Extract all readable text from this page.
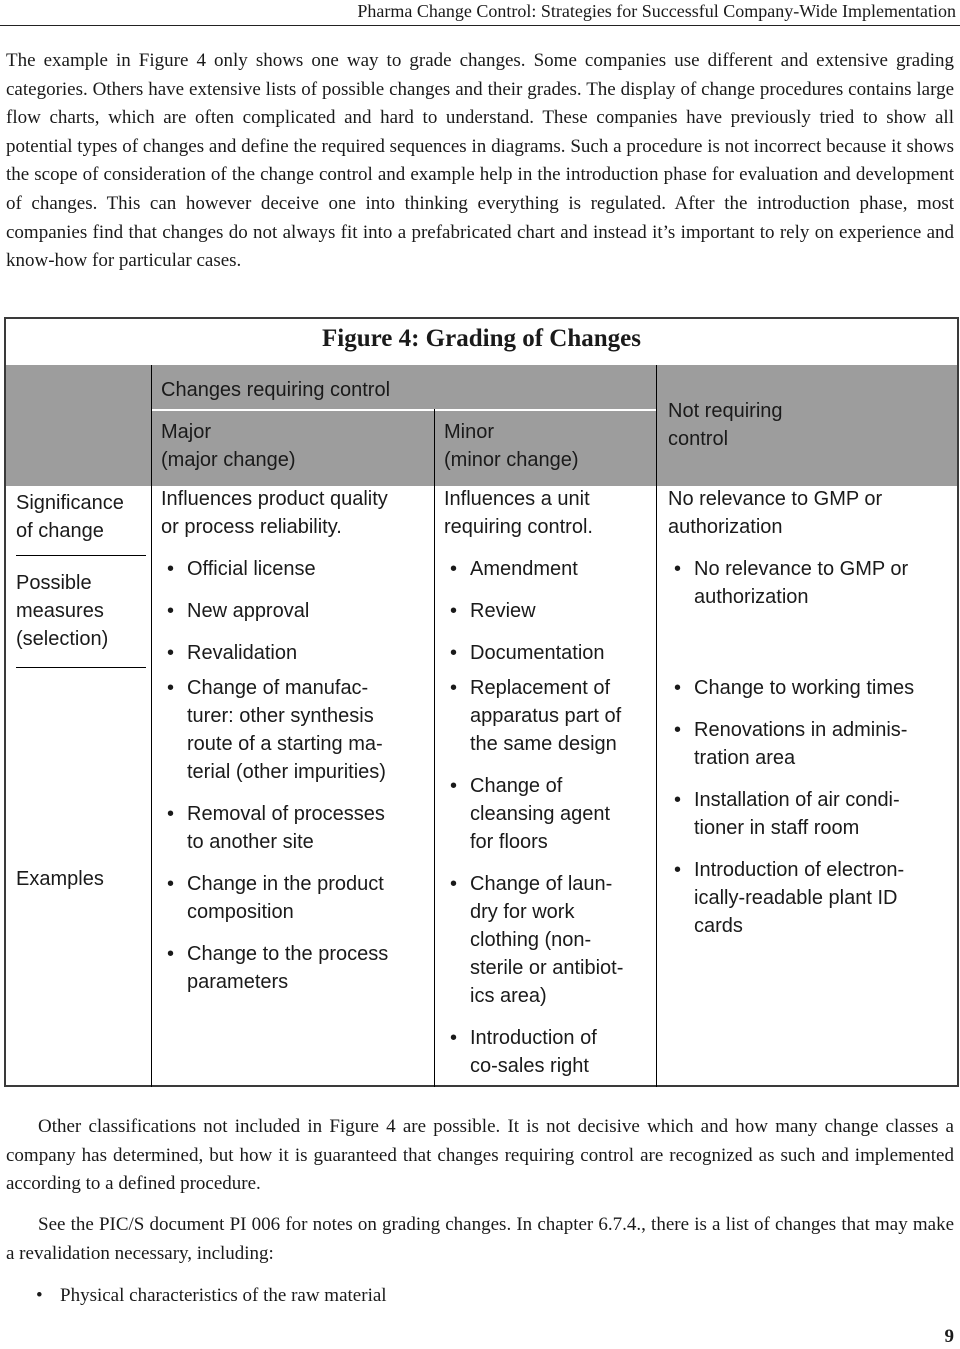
Pharma Change Control: Strategies for Successful Company-Wide Implementation
The example in Figure 4 only shows one way to grade changes. Some companies use different and extensive grading categories. Others have extensive lists of possible changes and their grades. The display of change procedures contains large flow charts, which are often complicated and hard to understand. These companies have previously tried to show all potential types of changes and define the required sequences in diagrams. Such a procedure is not incorrect because it shows the scope of consideration of the change control and example help in the introduction phase for evaluation and development of changes. This can however deceive one into thinking everything is regulated. After the introduction phase, most companies find that changes do not always fit into a prefabricated chart and instead it’s important to rely on experience and know-how for particular cases.
Figure 4: Grading of Changes
Changes requiring control
Major
(major change)
Minor
(minor change)
Not requiring
control
Significance
of change
Influences product quality
or process reliability.
Influences a unit
requiring control.
No relevance to GMP or
authorization
Possible
measures
(selection)
• Official license
• New approval
• Revalidation
• Amendment
• Review
• Documentation
• No relevance to GMP or
authorization
Examples
• Change of manufac-
turer: other synthesis
route of a starting ma-
terial (other impurities)
• Removal of processes
to another site
• Change in the product
composition
• Change to the process
parameters
• Replacement of
apparatus part of
the same design
• Change of
cleansing agent
for floors
• Change of laun-
dry for work
clothing (non-
sterile or antibiot-
ics area)
• Introduction of
co-sales right
• Change to working times
• Renovations in adminis-
tration area
• Installation of air condi-
tioner in staff room
• Introduction of electron-
ically-readable plant ID
cards
Other classifications not included in Figure 4 are possible. It is not decisive which and how many change classes a company has determined, but how it is guaranteed that changes requiring control are recognized as such and implemented according to a defined procedure.
See the PIC/S document PI 006 for notes on grading changes. In chapter 6.7.4., there is a list of changes that may make a revalidation necessary, including:
• Physical characteristics of the raw material
9
